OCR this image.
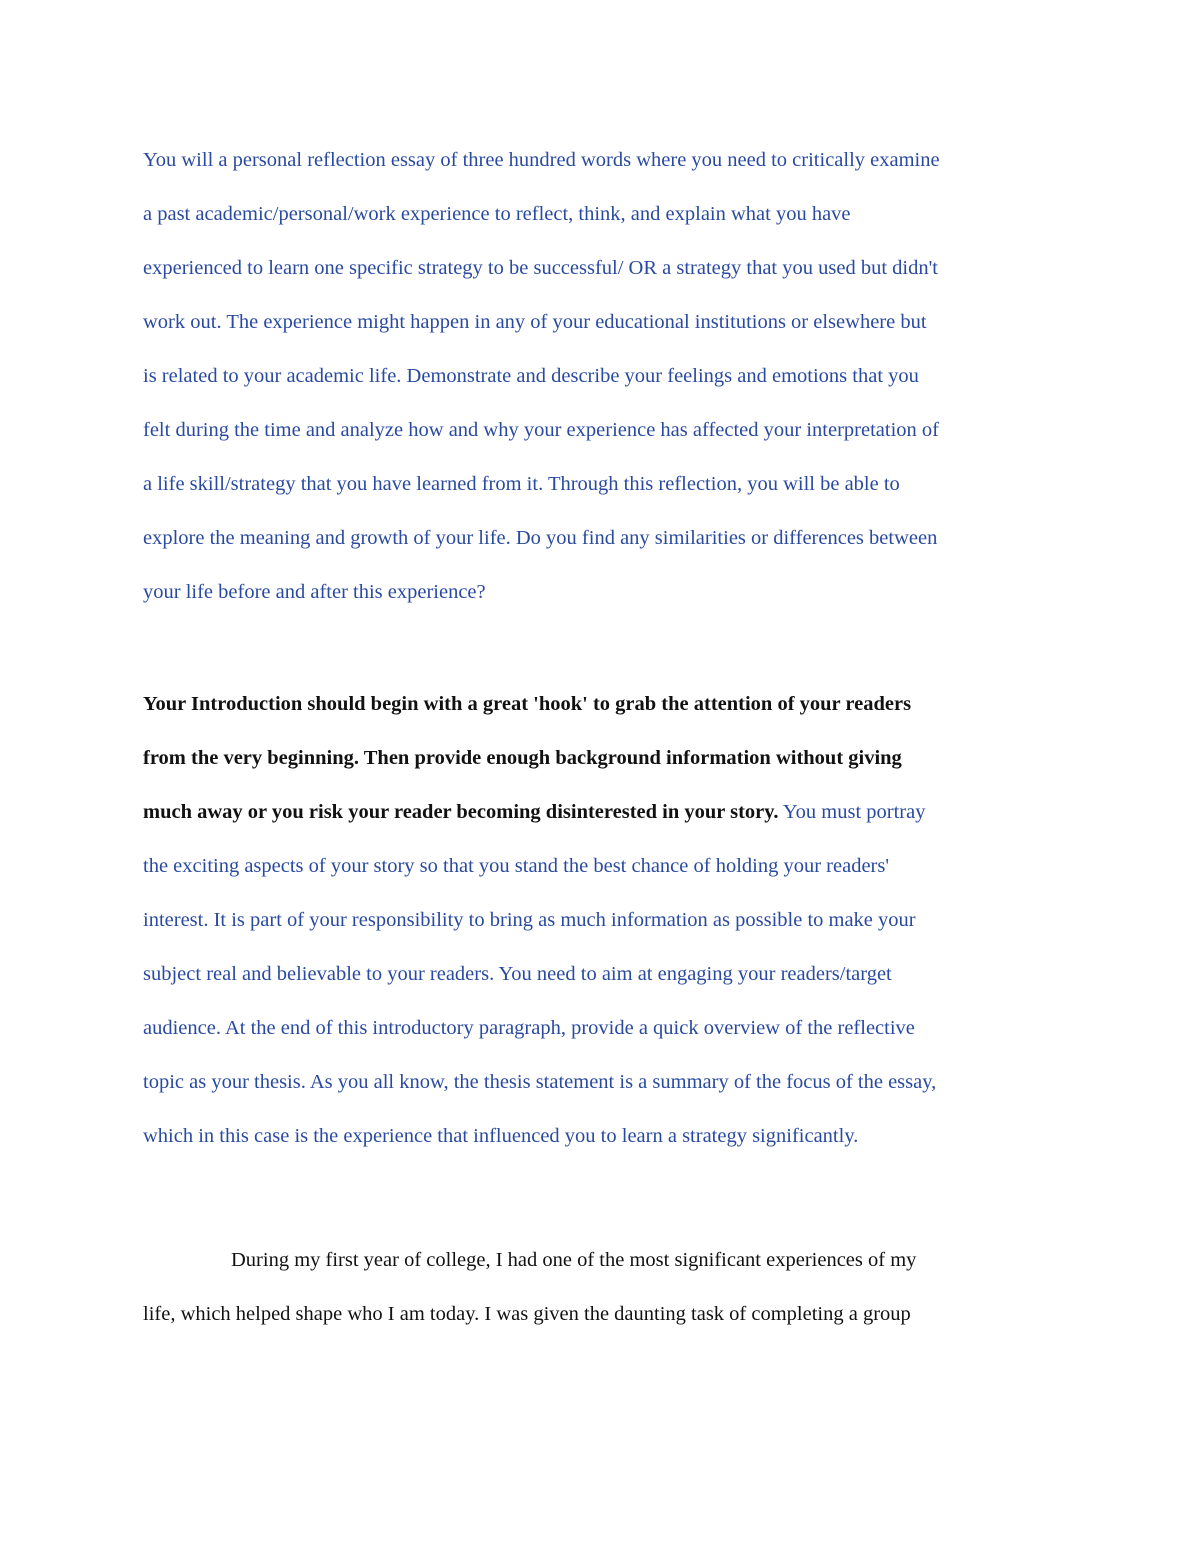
You will a personal reflection essay of three hundred words where you need to critically examine
a past academic/personal/work experience to reflect, think, and explain what you have
experienced to learn one specific strategy to be successful/ OR a strategy that you used but didn't
work out. The experience might happen in any of your educational institutions or elsewhere but
is related to your academic life. Demonstrate and describe your feelings and emotions that you
felt during the time and analyze how and why your experience has affected your interpretation of
a life skill/strategy that you have learned from it. Through this reflection, you will be able to
explore the meaning and growth of your life. Do you find any similarities or differences between
your life before and after this experience?
Your Introduction should begin with a great 'hook' to grab the attention of your readers
from the very beginning. Then provide enough background information without giving
much away or you risk your reader becoming disinterested in your story. You must portray
the exciting aspects of your story so that you stand the best chance of holding your readers'
interest. It is part of your responsibility to bring as much information as possible to make your
subject real and believable to your readers. You need to aim at engaging your readers/target
audience. At the end of this introductory paragraph, provide a quick overview of the reflective
topic as your thesis. As you all know, the thesis statement is a summary of the focus of the essay,
which in this case is the experience that influenced you to learn a strategy significantly.
During my first year of college, I had one of the most significant experiences of my
life, which helped shape who I am today. I was given the daunting task of completing a group
